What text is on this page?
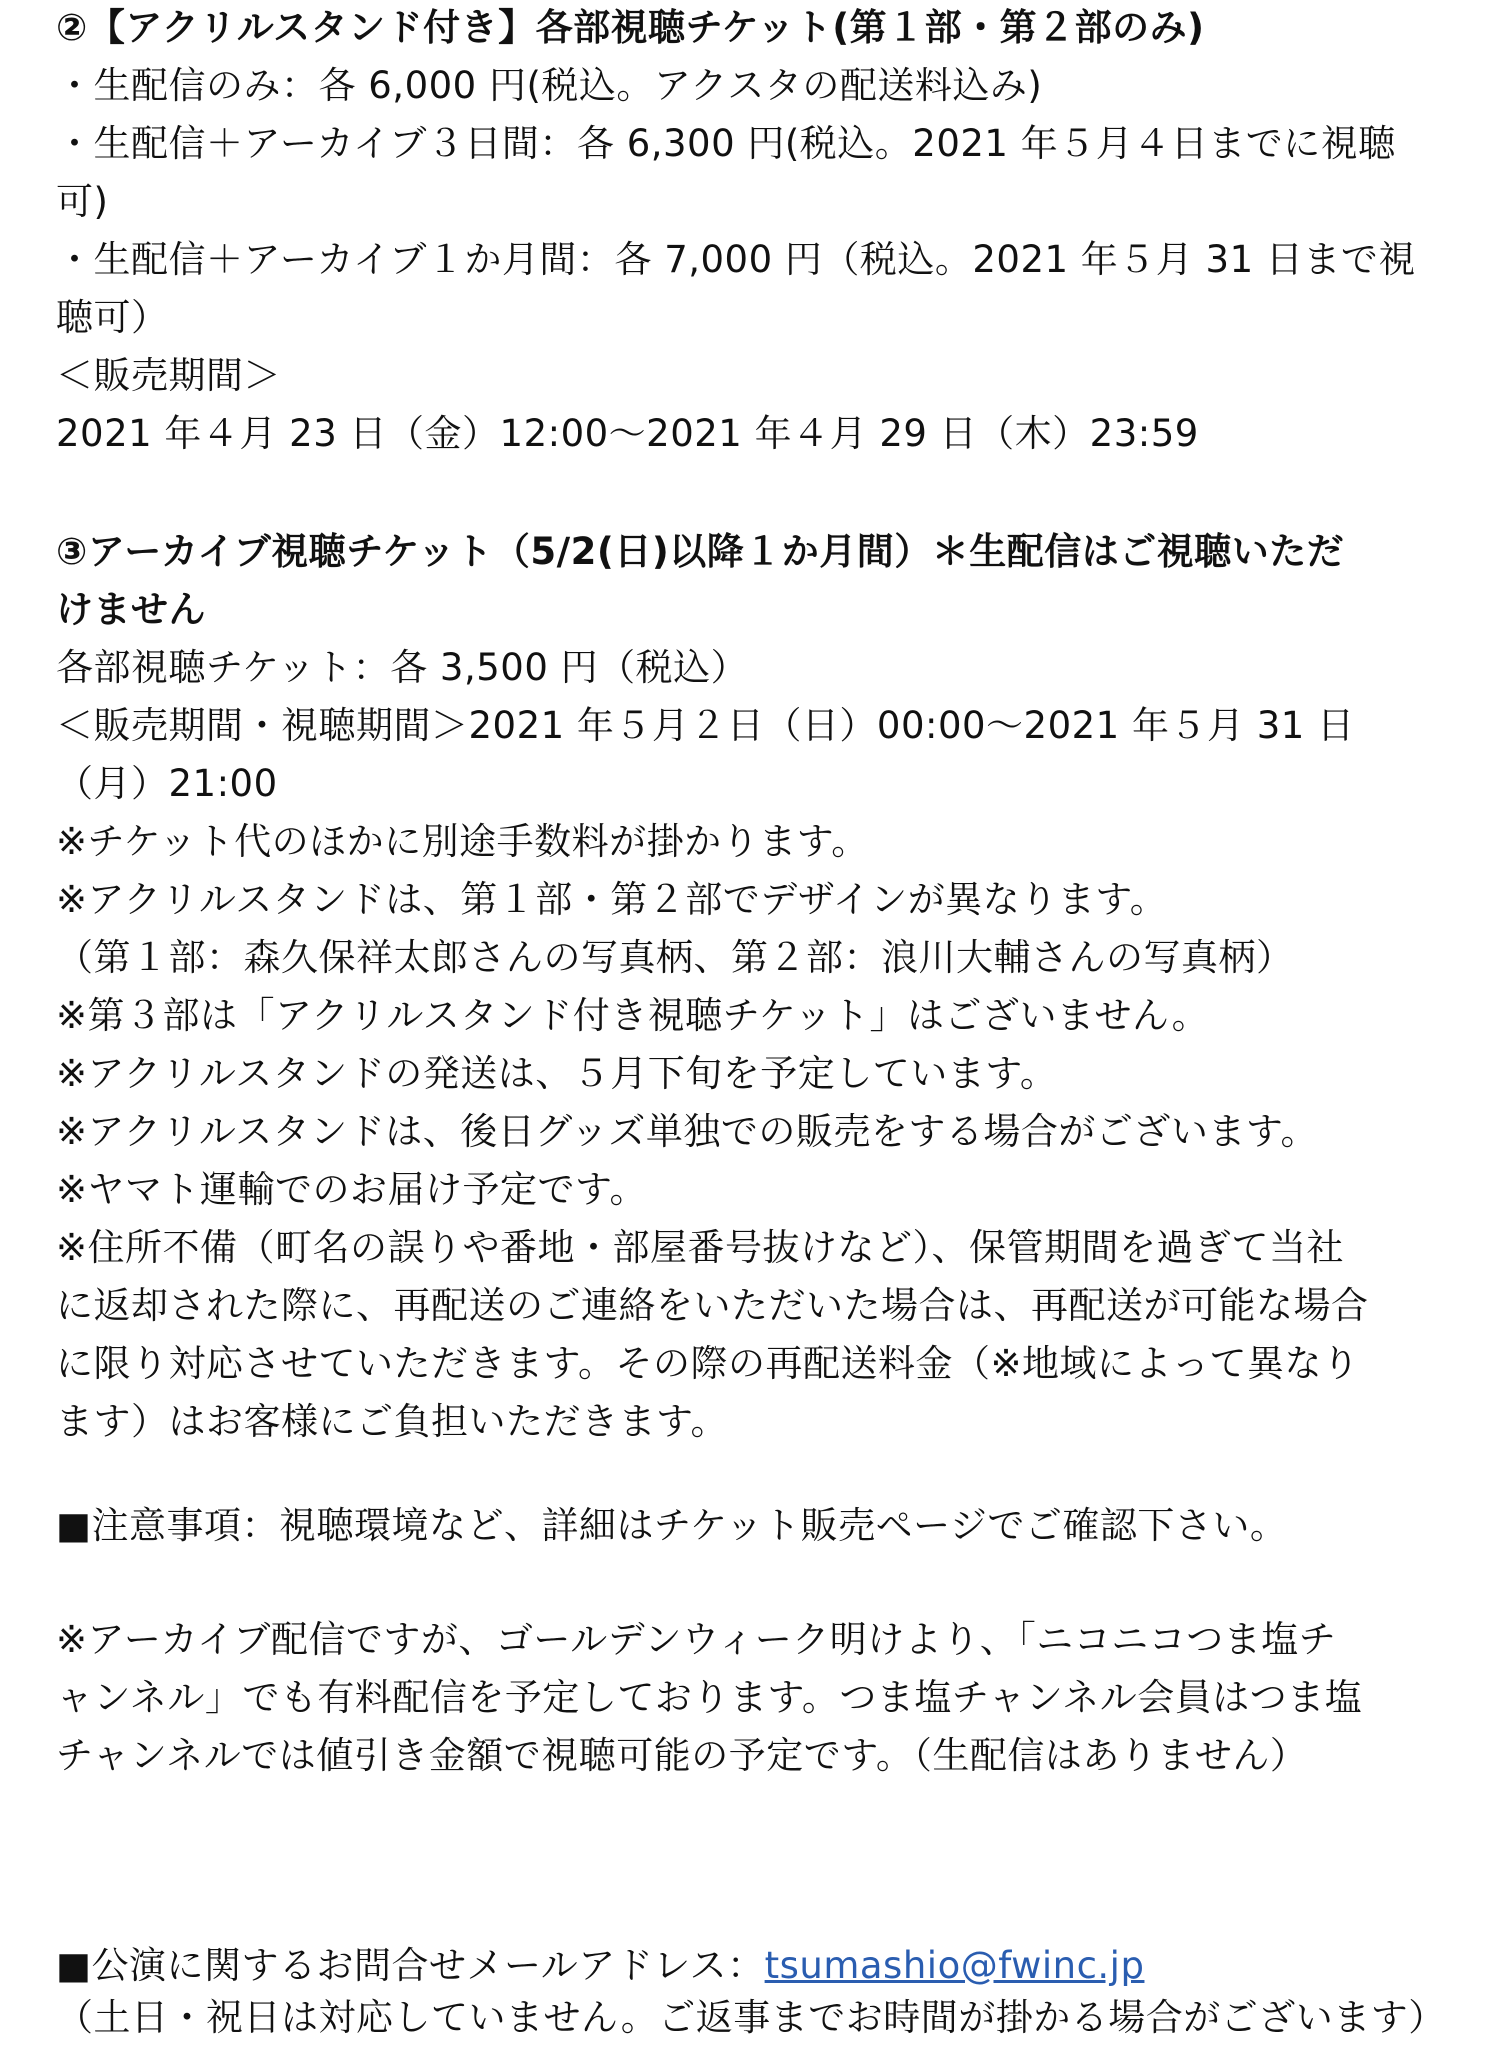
②【アクリルスタンド付き】各部視聴チケット(第１部・第２部のみ)
・生配信のみ：各 6,000 円(税込。アクスタの配送料込み)
・生配信＋アーカイブ３日間：各 6,300 円(税込。2021 年５月４日までに視聴
可)
・生配信＋アーカイブ１か月間：各 7,000 円（税込。2021 年５月 31 日まで視
聴可）
＜販売期間＞
2021 年４月 23 日（金）12:00～2021 年４月 29 日（木）23:59
③アーカイブ視聴チケット（5/2(日)以降１か月間）＊生配信はご視聴いただ
けません
各部視聴チケット：各 3,500 円（税込）
＜販売期間・視聴期間＞2021 年５月２日（日）00:00～2021 年５月 31 日
（月）21:00
※チケット代のほかに別途手数料が掛かります。
※アクリルスタンドは、第１部・第２部でデザインが異なります。
（第１部：森久保祥太郎さんの写真柄、第２部：浪川大輔さんの写真柄）
※第３部は「アクリルスタンド付き視聴チケット」はございません。
※アクリルスタンドの発送は、５月下旬を予定しています。
※アクリルスタンドは、後日グッズ単独での販売をする場合がございます。
※ヤマト運輸でのお届け予定です。
※住所不備（町名の誤りや番地・部屋番号抜けなど）、保管期間を過ぎて当社
に返却された際に、再配送のご連絡をいただいた場合は、再配送が可能な場合
に限り対応させていただきます。その際の再配送料金（※地域によって異なり
ます）はお客様にご負担いただきます。
■注意事項：視聴環境など、詳細はチケット販売ページでご確認下さい。
※アーカイブ配信ですが、ゴールデンウィーク明けより、「ニコニコつま塩チ
ャンネル」でも有料配信を予定しております。つま塩チャンネル会員はつま塩
チャンネルでは値引き金額で視聴可能の予定です。（生配信はありません）
■公演に関するお問合せメールアドレス：tsumashio@fwinc.jp
（土日・祝日は対応していません。ご返事までお時間が掛かる場合がございます）
